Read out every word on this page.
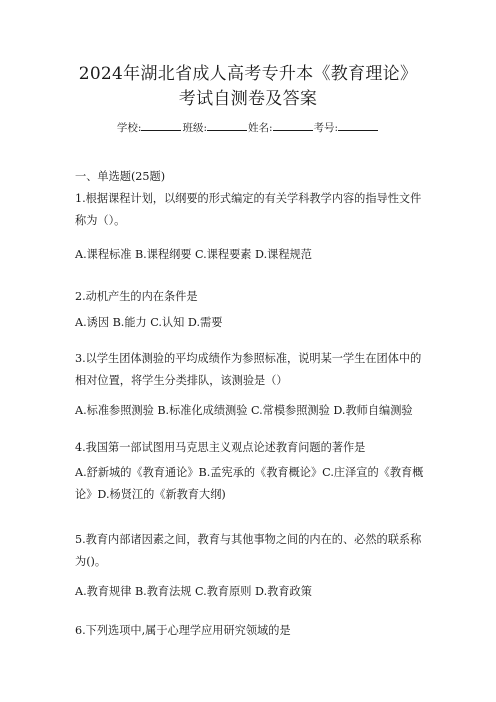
2024年湖北省成人高考专升本《教育理论》
考试自测卷及答案
学校:	班级:	姓名:	考号:
一、单选题(25题)
1.根据课程计划，以纲要的形式编定的有关学科教学内容的指导性文件称为（）。
A.课程标准 B.课程纲要 C.课程要素 D.课程规范
2.动机产生的内在条件是
A.诱因 B.能力 C.认知 D.需要
3.以学生团体测验的平均成绩作为参照标准，说明某一学生在团体中的相对位置，将学生分类排队，该测验是（）
A.标准参照测验 B.标准化成绩测验 C.常模参照测验 D.教师自编测验
4.我国第一部试图用马克思主义观点论述教育问题的著作是
A.舒新城的《教育通论》B.孟宪承的《教育概论》C.庄泽宣的《教育概论》D.杨贤江的《新教育大纲)
5.教育内部诸因素之间，教育与其他事物之间的内在的、必然的联系称为()。
A.教育规律 B.教育法规 C.教育原则 D.教育政策
6.下列选项中,属于心理学应用研究领域的是
